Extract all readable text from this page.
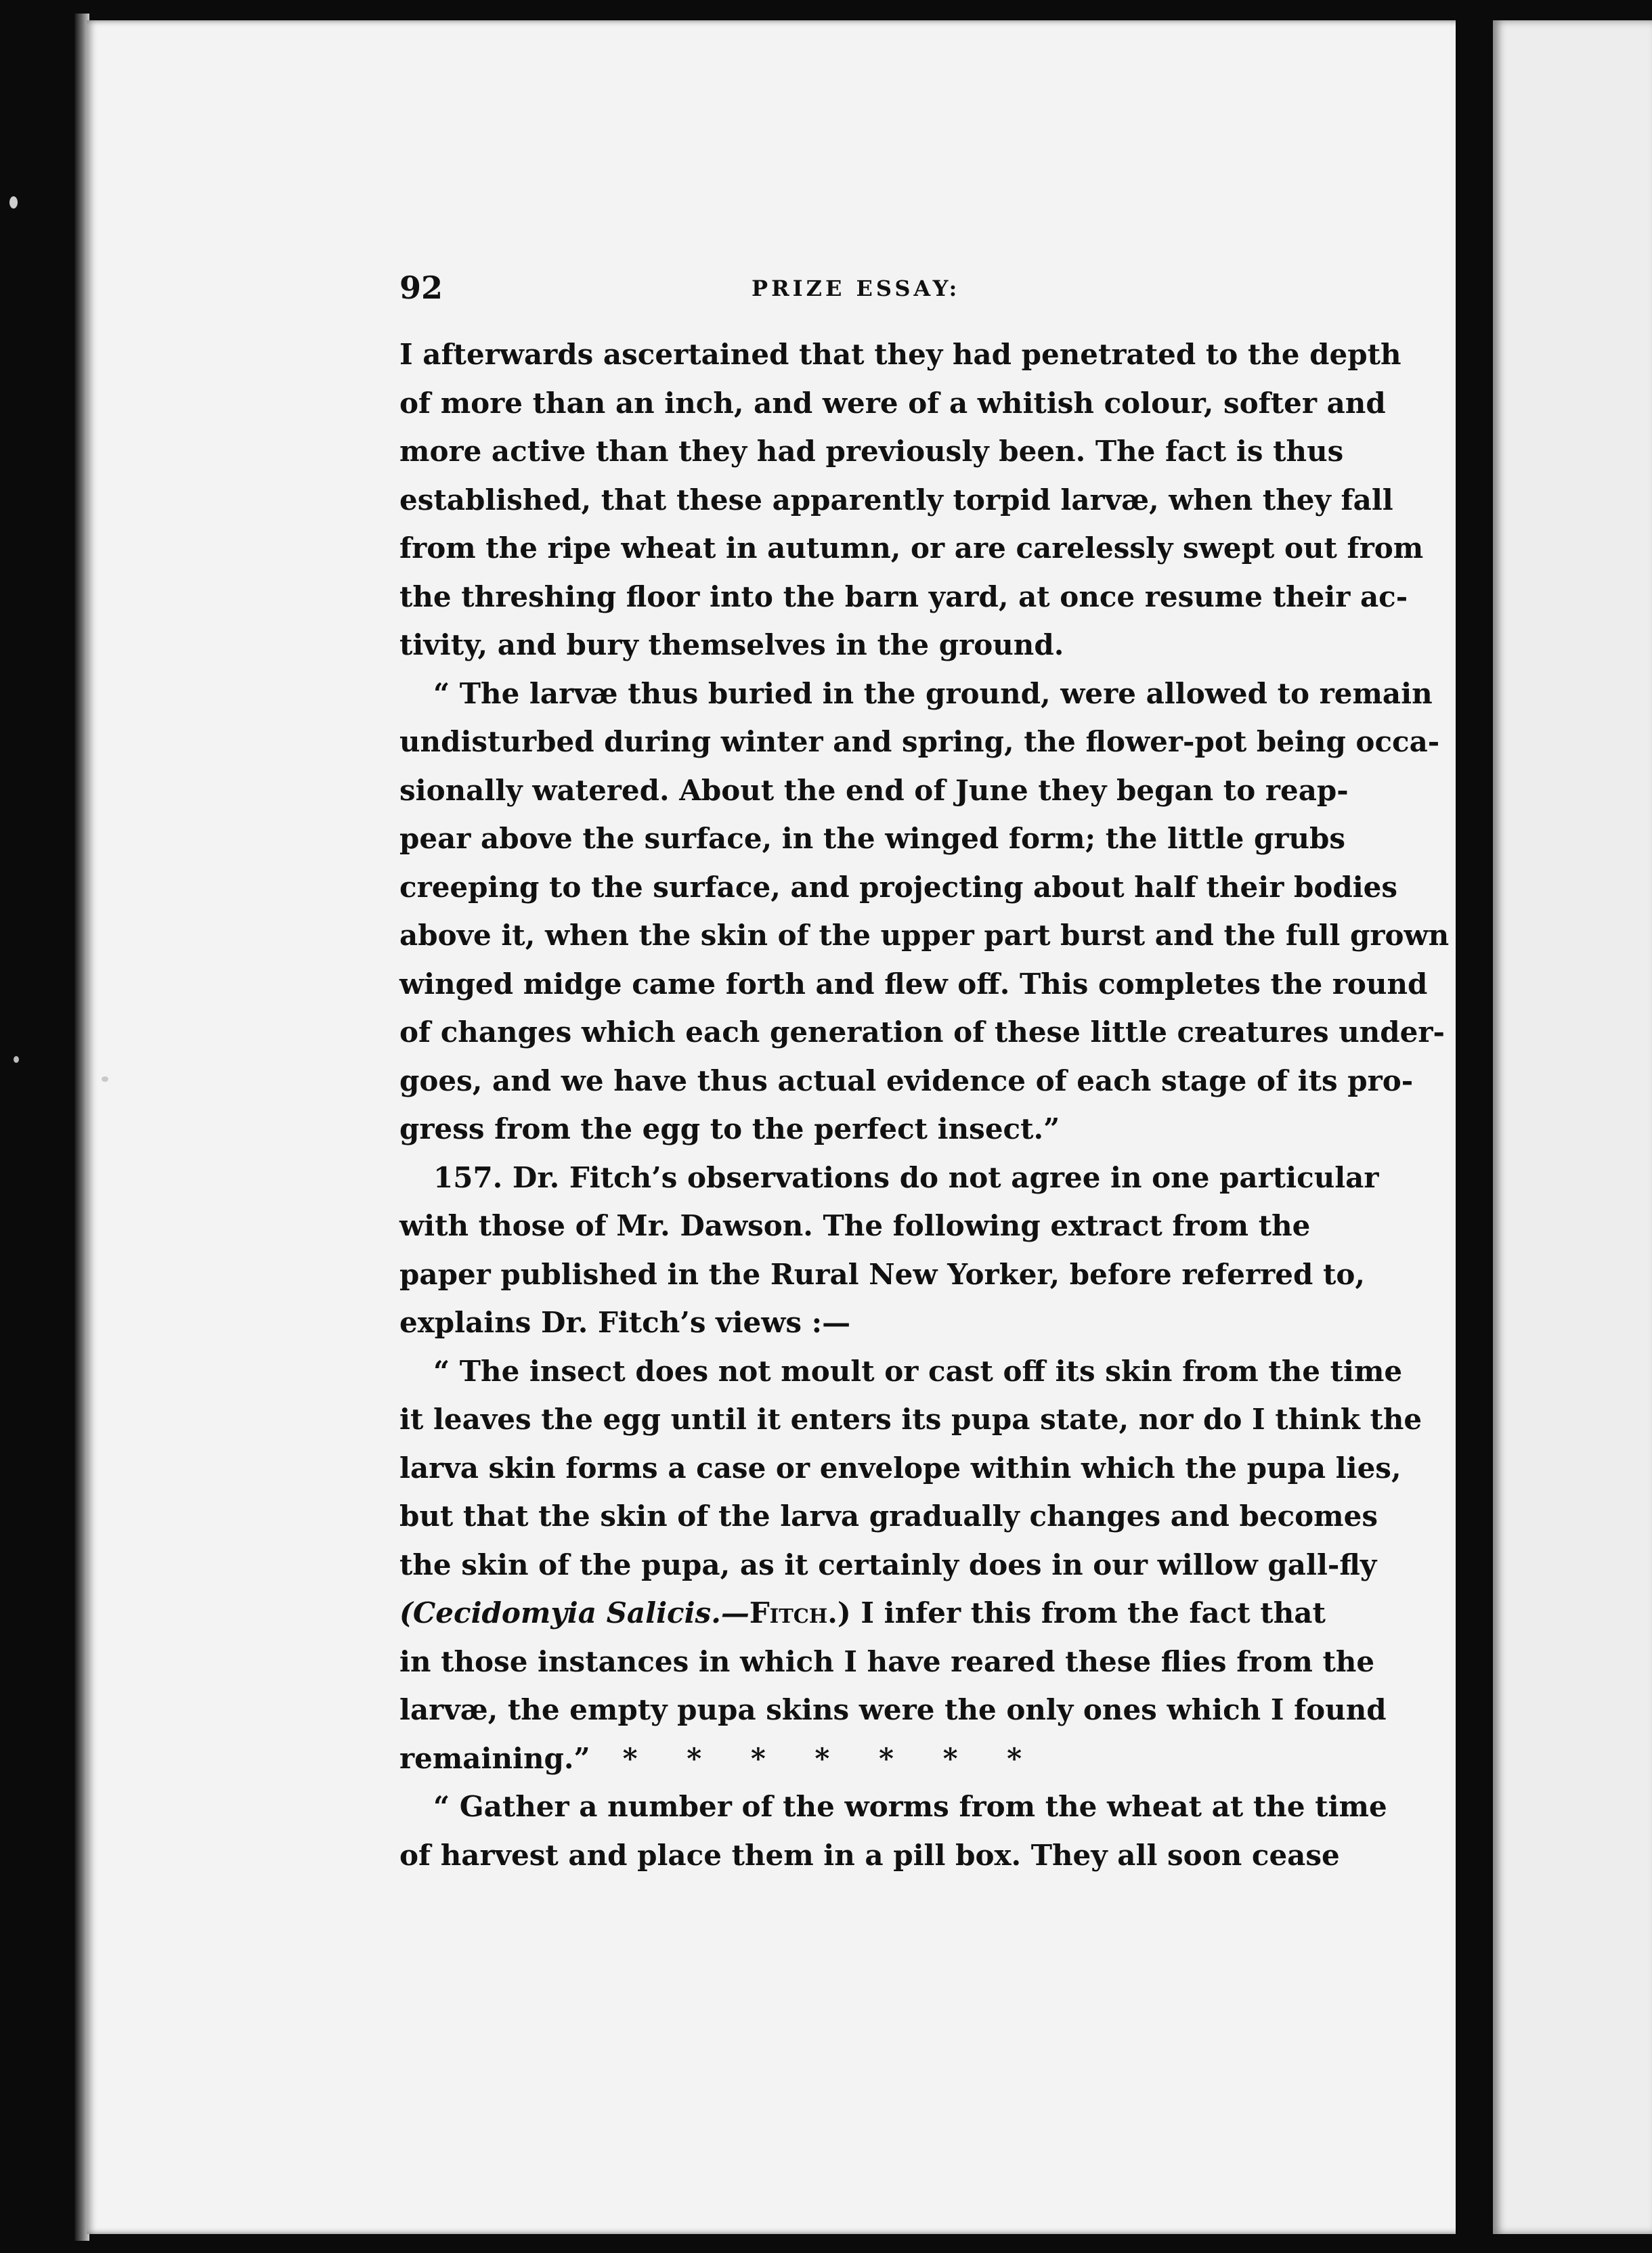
92	PRIZE ESSAY:
I afterwards ascertained that they had penetrated to the depth
of more than an inch, and were of a whitish colour, softer and
more active than they had previously been. The fact is thus
established, that these apparently torpid larvæ, when they fall
from the ripe wheat in autumn, or are carelessly swept out from
the threshing floor into the barn yard, at once resume their ac-
tivity, and bury themselves in the ground.
“ The larvæ thus buried in the ground, were allowed to remain
undisturbed during winter and spring, the flower-pot being occa-
sionally watered. About the end of June they began to reap-
pear above the surface, in the winged form; the little grubs
creeping to the surface, and projecting about half their bodies
above it, when the skin of the upper part burst and the full grown
winged midge came forth and flew off. This completes the round
of changes which each generation of these little creatures under-
goes, and we have thus actual evidence of each stage of its pro-
gress from the egg to the perfect insect.”
157. Dr. Fitch’s observations do not agree in one particular
with those of Mr. Dawson. The following extract from the
paper published in the Rural New Yorker, before referred to,
explains Dr. Fitch’s views :—
“ The insect does not moult or cast off its skin from the time
it leaves the egg until it enters its pupa state, nor do I think the
larva skin forms a case or envelope within which the pupa lies,
but that the skin of the larva gradually changes and becomes
the skin of the pupa, as it certainly does in our willow gall-fly
(Cecidomyia Salicis.—Fitch.) I infer this from the fact that
in those instances in which I have reared these flies from the
larvæ, the empty pupa skins were the only ones which I found
remaining.” * * * * * * *
“ Gather a number of the worms from the wheat at the time
of harvest and place them in a pill box. They all soon cease
